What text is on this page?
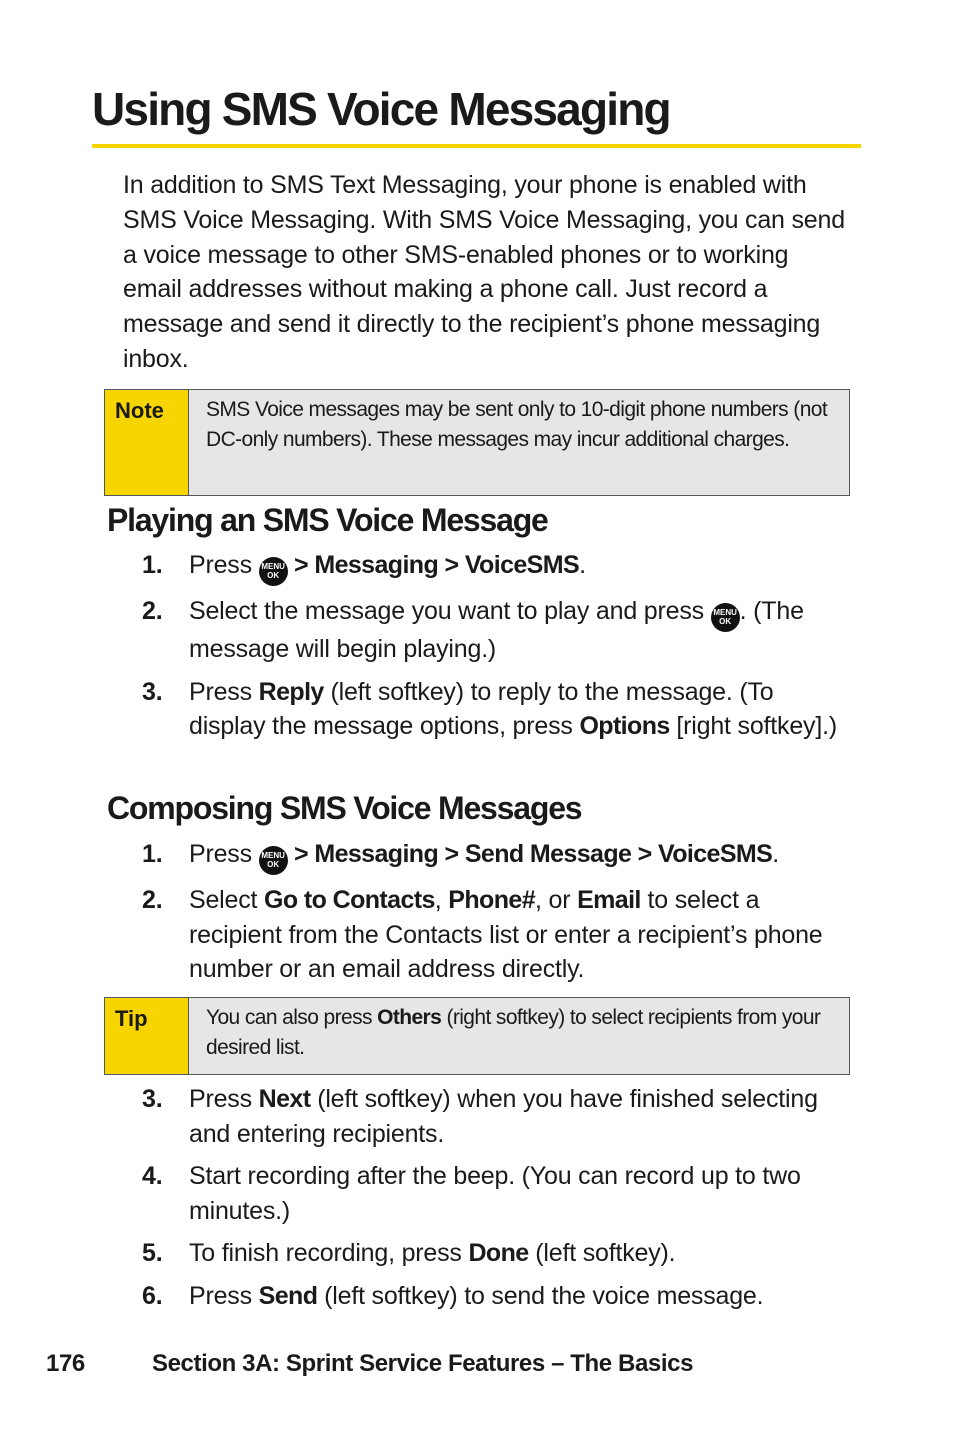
Using SMS Voice Messaging

In addition to SMS Text Messaging, your phone is enabled with SMS Voice Messaging. With SMS Voice Messaging, you can send a voice message to other SMS-enabled phones or to working email addresses without making a phone call. Just record a message and send it directly to the recipient’s phone messaging inbox.

Note	SMS Voice messages may be sent only to 10-digit phone numbers (not DC-only numbers). These messages may incur additional charges.
Playing an SMS Voice Message
1. Press MENU
OK > Messaging > VoiceSMS.
2. Select the message you want to play and press MENU
OK . (The message will begin playing.)
3. Press Reply (left softkey) to reply to the message. (To display the message options, press Options [right softkey].)
Composing SMS Voice Messages
1. Press MENU
OK > Messaging > Send Message > VoiceSMS.
2. Select Go to Contacts, Phone#, or Email to select a recipient from the Contacts list or enter a recipient’s phone number or an email address directly.
Tip	You can also press Others (right softkey) to select recipients from your desired list.
3. Press Next (left softkey) when you have finished selecting and entering recipients.
4. Start recording after the beep. (You can record up to two minutes.)
5. To finish recording, press Done (left softkey).
6. Press Send (left softkey) to send the voice message.
176	Section 3A: Sprint Service Features – The Basics
